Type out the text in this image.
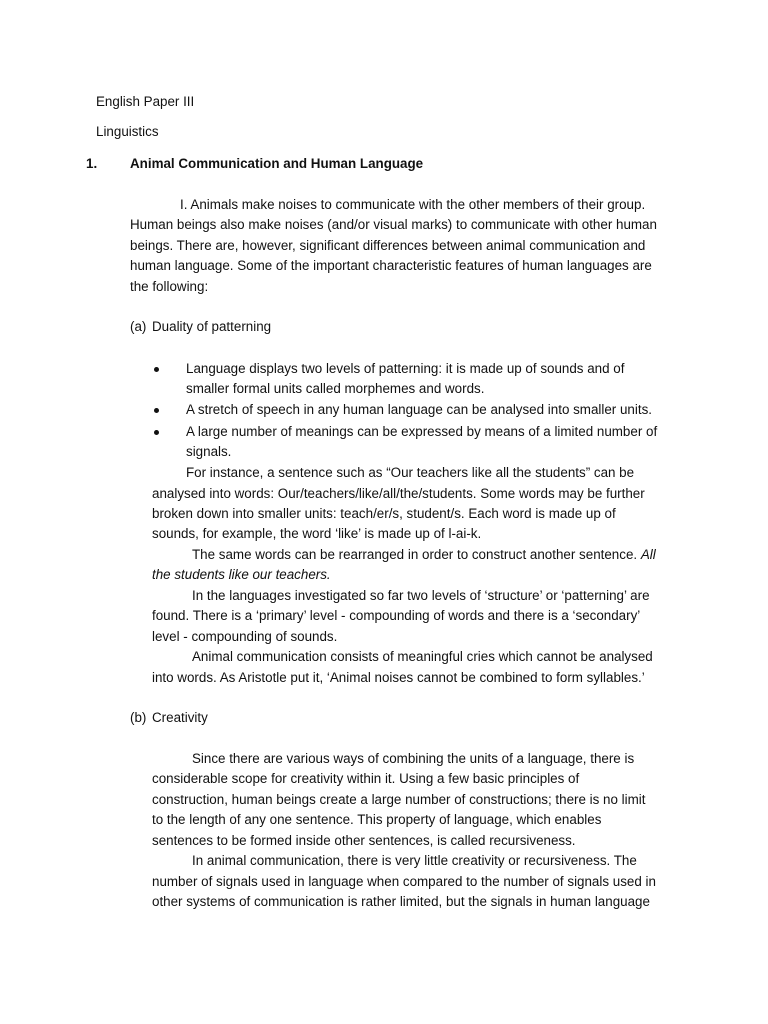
English Paper III
Linguistics
1. Animal Communication and Human Language
I. Animals make noises to communicate with the other members of their group.
Human beings also make noises (and/or visual marks) to communicate with other human
beings. There are, however, significant differences between animal communication and
human language. Some of the important characteristic features of human languages are
the following:
(a) Duality of patterning
Language displays two levels of patterning: it is made up of sounds and of
smaller formal units called morphemes and words.
A stretch of speech in any human language can be analysed into smaller units.
A large number of meanings can be expressed by means of a limited number of
signals.
For instance, a sentence such as “Our teachers like all the students” can be
analysed into words: Our/teachers/like/all/the/students. Some words may be further
broken down into smaller units: teach/er/s, student/s. Each word is made up of
sounds, for example, the word ‘like’ is made up of l-ai-k.
The same words can be rearranged in order to construct another sentence. All
the students like our teachers.
In the languages investigated so far two levels of ‘structure’ or ‘patterning’ are
found. There is a ‘primary’ level - compounding of words and there is a ‘secondary’
level - compounding of sounds.
Animal communication consists of meaningful cries which cannot be analysed
into words. As Aristotle put it, ‘Animal noises cannot be combined to form syllables.’
(b) Creativity
Since there are various ways of combining the units of a language, there is
considerable scope for creativity within it. Using a few basic principles of
construction, human beings create a large number of constructions; there is no limit
to the length of any one sentence. This property of language, which enables
sentences to be formed inside other sentences, is called recursiveness.
In animal communication, there is very little creativity or recursiveness. The
number of signals used in language when compared to the number of signals used in
other systems of communication is rather limited, but the signals in human language
